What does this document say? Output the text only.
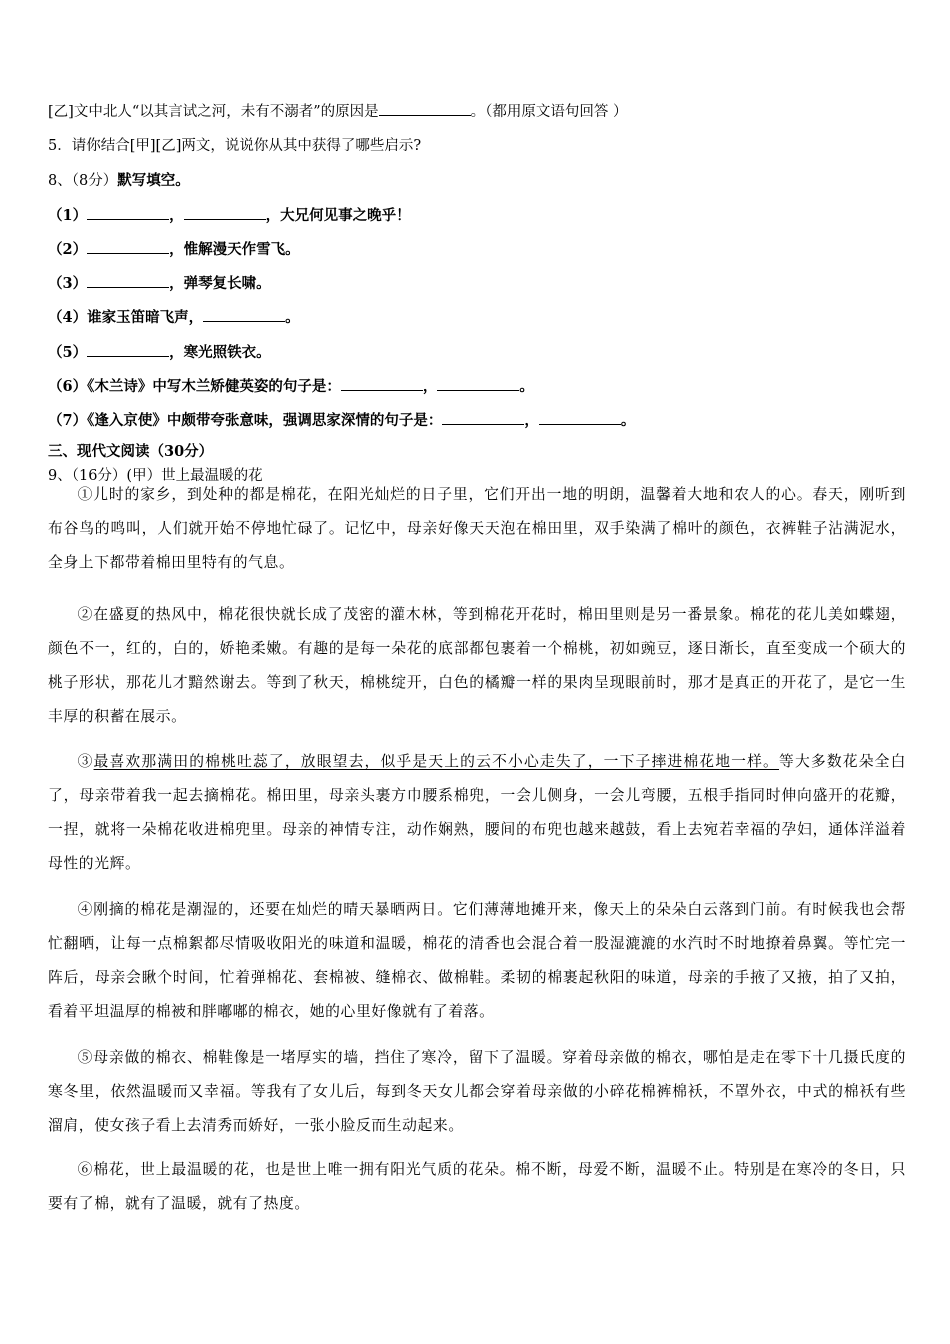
[乙]文中北人“以其言试之河，未有不溺者”的原因是	。（都用原文语句回答 ）
5．请你结合[甲][乙]两文，说说你从其中获得了哪些启示?
8、（8分）默写填空。
（1）	，	，大兄何见事之晚乎！
（2）	，惟解漫天作雪飞。
（3）	，弹琴复长啸。
（4）谁家玉笛暗飞声，	。
（5）	，寒光照铁衣。
（6）《木兰诗》中写木兰矫健英姿的句子是：	，	。
（7）《逢入京使》中颇带夸张意味，强调思家深情的句子是：	，	。
三、现代文阅读（30分）
9、（16分）(甲）世上最温暖的花

①儿时的家乡，到处种的都是棉花，在阳光灿烂的日子里，它们开出一地的明朗，温馨着大地和农人的心。春天，刚听到布谷鸟的鸣叫，人们就开始不停地忙碌了。记忆中，母亲好像天天泡在棉田里，双手染满了棉叶的颜色，衣裤鞋子沾满泥水，全身上下都带着棉田里特有的气息。

②在盛夏的热风中，棉花很快就长成了茂密的灌木林，等到棉花开花时，棉田里则是另一番景象。棉花的花儿美如蝶翅，颜色不一，红的，白的，娇艳柔嫩。有趣的是每一朵花的底部都包裹着一个棉桃，初如豌豆，逐日渐长，直至变成一个硕大的桃子形状，那花儿才黯然谢去。等到了秋天，棉桃绽开，白色的橘瓣一样的果肉呈现眼前时，那才是真正的开花了，是它一生丰厚的积蓄在展示。

③最喜欢那满田的棉桃吐蕊了，放眼望去，似乎是天上的云不小心走失了，一下子摔进棉花地一样。等大多数花朵全白了，母亲带着我一起去摘棉花。棉田里，母亲头裹方巾腰系棉兜，一会儿侧身，一会儿弯腰，五根手指同时伸向盛开的花瓣，一捏，就将一朵棉花收进棉兜里。母亲的神情专注，动作娴熟，腰间的布兜也越来越鼓，看上去宛若幸福的孕妇，通体洋溢着母性的光辉。

④刚摘的棉花是潮湿的，还要在灿烂的晴天暴晒两日。它们薄薄地摊开来，像天上的朵朵白云落到门前。有时候我也会帮忙翻晒，让每一点棉絮都尽情吸收阳光的味道和温暖，棉花的清香也会混合着一股湿漉漉的水汽时不时地撩着鼻翼。等忙完一阵后，母亲会瞅个时间，忙着弹棉花、套棉被、缝棉衣、做棉鞋。柔韧的棉裹起秋阳的味道，母亲的手掖了又掖，拍了又拍，看着平坦温厚的棉被和胖嘟嘟的棉衣，她的心里好像就有了着落。

⑤母亲做的棉衣、棉鞋像是一堵厚实的墙，挡住了寒冷，留下了温暖。穿着母亲做的棉衣，哪怕是走在零下十几摄氏度的寒冬里，依然温暖而又幸福。等我有了女儿后，每到冬天女儿都会穿着母亲做的小碎花棉裤棉袄，不罩外衣，中式的棉袄有些溜肩，使女孩子看上去清秀而娇好，一张小脸反而生动起来。

⑥棉花，世上最温暖的花，也是世上唯一拥有阳光气质的花朵。棉不断，母爱不断，温暖不止。特别是在寒冷的冬日，只要有了棉，就有了温暖，就有了热度。
